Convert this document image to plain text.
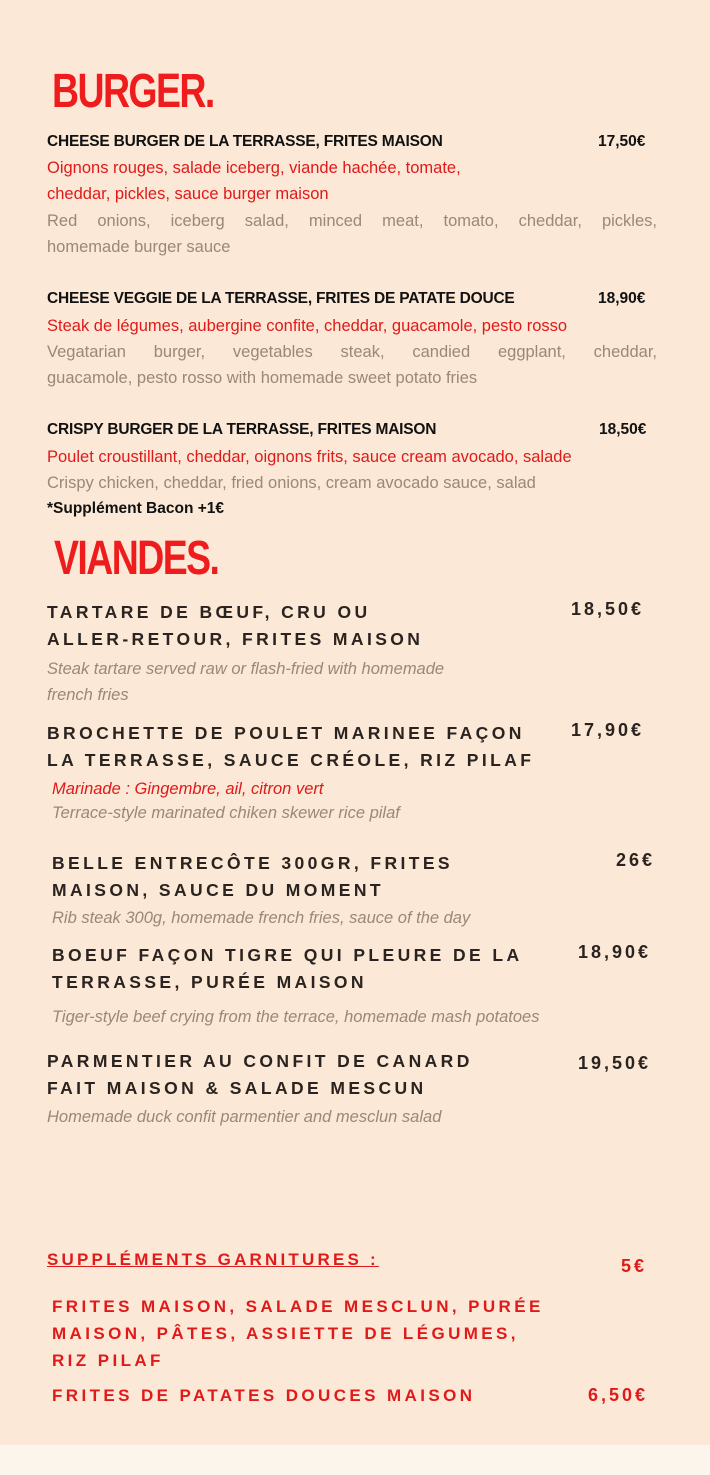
BURGER.
CHEESE BURGER DE LA TERRASSE, FRITES MAISON	17,50€
Oignons rouges, salade iceberg, viande hachée, tomate,
cheddar, pickles, sauce burger maison
Red onions, iceberg salad, minced meat, tomato, cheddar, pickles,
homemade burger sauce
CHEESE VEGGIE DE LA TERRASSE, FRITES DE PATATE DOUCE	18,90€
Steak de légumes, aubergine confite, cheddar, guacamole, pesto rosso
Vegatarian burger, vegetables steak, candied eggplant, cheddar,
guacamole, pesto rosso with homemade sweet potato fries
CRISPY BURGER DE LA TERRASSE, FRITES MAISON	18,50€
Poulet croustillant, cheddar, oignons frits, sauce cream avocado, salade
Crispy chicken, cheddar, fried onions, cream avocado sauce, salad
*Supplément Bacon +1€
VIANDES.
TARTARE DE BŒUF, CRU OU
ALLER-RETOUR, FRITES MAISON
18,50€
Steak tartare served raw or flash-fried with homemade
french fries
BROCHETTE DE POULET MARINEE FAÇON
LA TERRASSE, SAUCE CRÉOLE, RIZ PILAF
17,90€
Marinade : Gingembre, ail, citron vert
Terrace-style marinated chiken skewer rice pilaf
BELLE ENTRECÔTE 300GR, FRITES
MAISON, SAUCE DU MOMENT
26€
Rib steak 300g, homemade french fries, sauce of the day
BOEUF FAÇON TIGRE QUI PLEURE DE LA
TERRASSE, PURÉE MAISON
18,90€
Tiger-style beef crying from the terrace, homemade mash potatoes
PARMENTIER AU CONFIT DE CANARD
FAIT MAISON & SALADE MESCUN
19,50€
Homemade duck confit parmentier and mesclun salad
SUPPLÉMENTS GARNITURES :	5€
FRITES MAISON, SALADE MESCLUN, PURÉE
MAISON, PÂTES, ASSIETTE DE LÉGUMES,
RIZ PILAF
FRITES DE PATATES DOUCES MAISON	6,50€
